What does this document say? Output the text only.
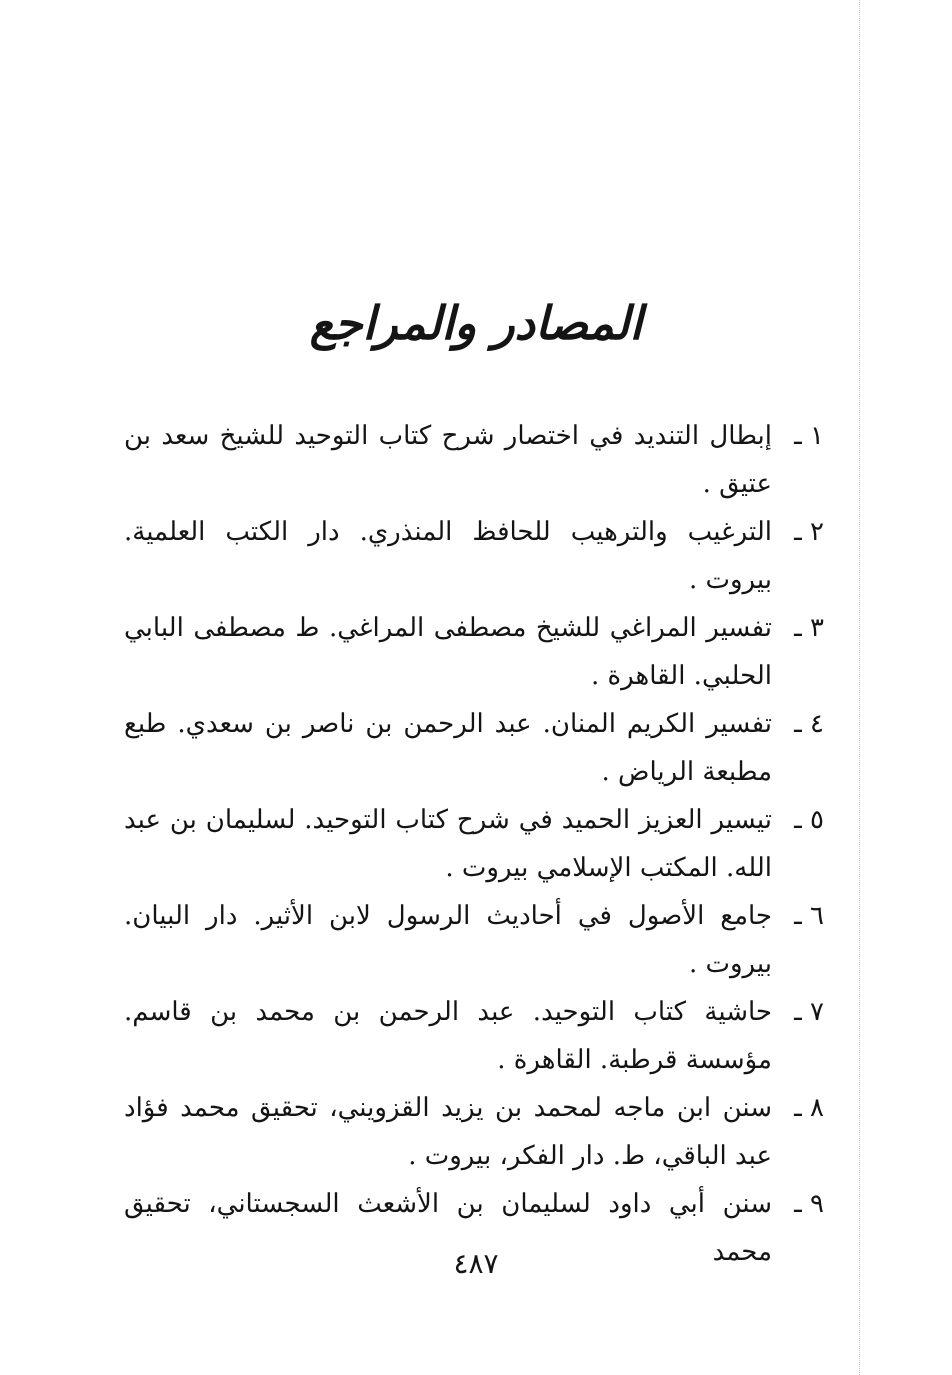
المصادر والمراجع
١ ـ
إبطال التنديد في اختصار شرح كتاب التوحيد للشيخ سعد بن عتيق .
٢ ـ
الترغيب والترهيب للحافظ المنذري. دار الكتب العلمية. بيروت .
٣ ـ
تفسير المراغي للشيخ مصطفى المراغي. ط مصطفى البابي الحلبي. القاهرة .
٤ ـ
تفسير الكريم المنان. عبد الرحمن بن ناصر بن سعدي. طبع مطبعة الرياض .
٥ ـ
تيسير العزيز الحميد في شرح كتاب التوحيد. لسليمان بن عبد الله. المكتب الإسلامي بيروت .
٦ ـ
جامع الأصول في أحاديث الرسول لابن الأثير. دار البيان. بيروت .
٧ ـ
حاشية كتاب التوحيد. عبد الرحمن بن محمد بن قاسم. مؤسسة قرطبة. القاهرة .
٨ ـ
سنن ابن ماجه لمحمد بن يزيد القزويني، تحقيق محمد فؤاد عبد الباقي، ط. دار الفكر، بيروت .
٩ ـ
سنن أبي داود لسليمان بن الأشعث السجستاني، تحقيق محمد
٤٨٧
